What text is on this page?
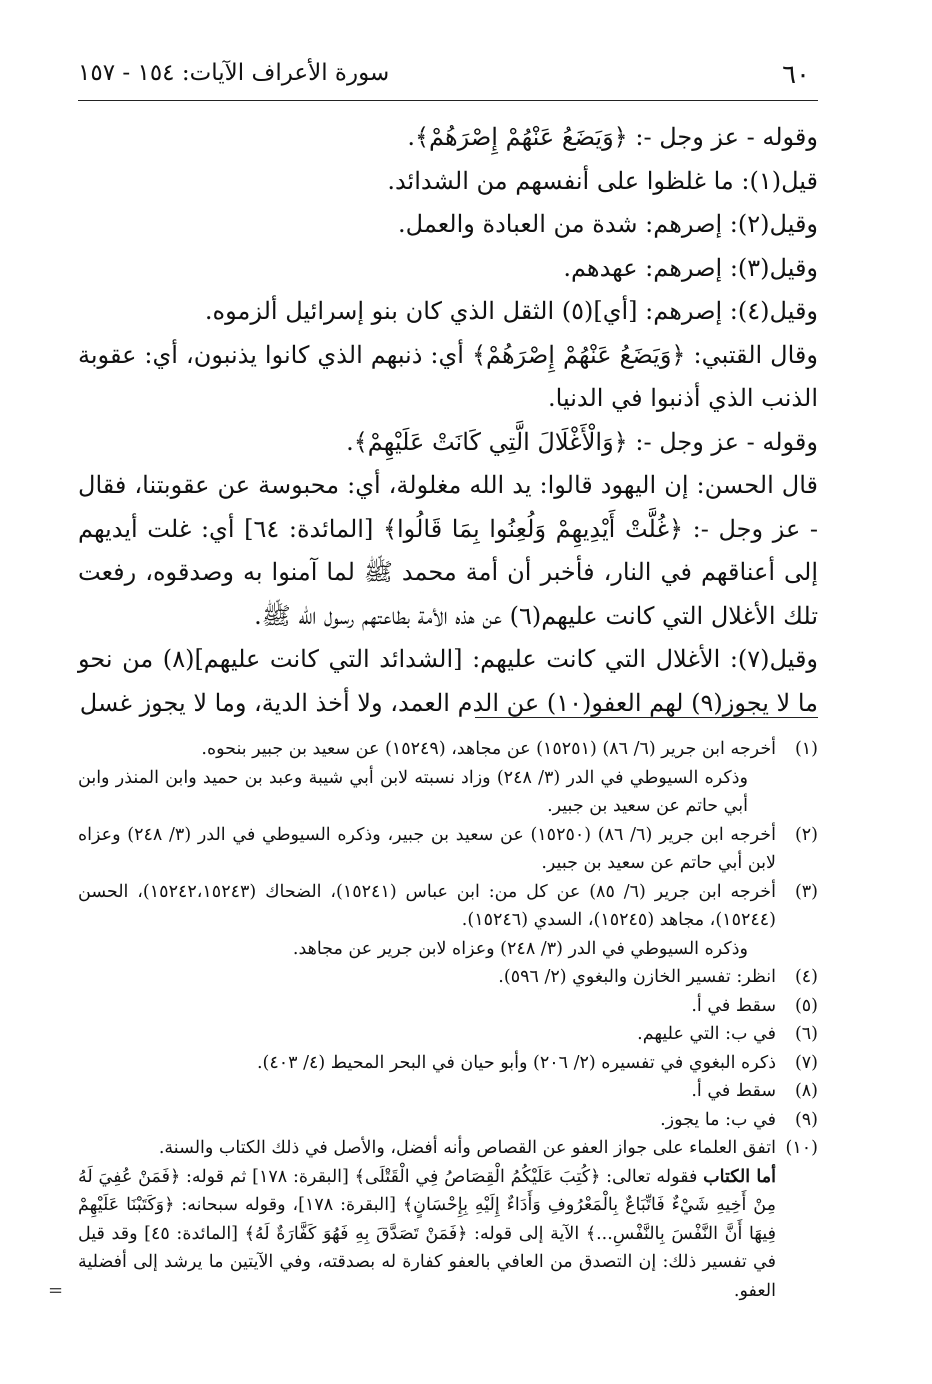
٦٠
سورة الأعراف الآيات: ١٥٤ - ١٥٧

وقوله - عز وجل -: ﴿وَيَضَعُ عَنْهُمْ إِصْرَهُمْ﴾.

قيل(١): ما غلظوا على أنفسهم من الشدائد.

وقيل(٢): إصرهم: شدة من العبادة والعمل.

وقيل(٣): إصرهم: عهدهم.

وقيل(٤): إصرهم: [أي](٥) الثقل الذي كان بنو إسرائيل ألزموه.

وقال القتبي: ﴿وَيَضَعُ عَنْهُمْ إِصْرَهُمْ﴾ أي: ذنبهم الذي كانوا يذنبون، أي: عقوبة الذنب الذي أذنبوا في الدنيا.

وقوله - عز وجل -: ﴿وَالْأَغْلَالَ الَّتِي كَانَتْ عَلَيْهِمْ﴾.

قال الحسن: إن اليهود قالوا: يد الله مغلولة، أي: محبوسة عن عقوبتنا، فقال - عز وجل -: ﴿غُلَّتْ أَيْدِيهِمْ وَلُعِنُوا بِمَا قَالُوا﴾ [المائدة: ٦٤] أي: غلت أيديهم إلى أعناقهم في النار، فأخبر أن أمة محمد ﷺ لما آمنوا به وصدقوه، رفعت تلك الأغلال التي كانت عليهم(٦) عن هذه الأمة بطاعتهم رسول الله ﷺ.

وقيل(٧): الأغلال التي كانت عليهم: [الشدائد التي كانت عليهم](٨) من نحو ما لا يجوز(٩) لهم العفو(١٠) عن الدم العمد، ولا أخذ الدية، وما لا يجوز غسل

(١)
أخرجه ابن جرير (٦/ ٨٦) (١٥٢٥١) عن مجاهد، (١٥٢٤٩) عن سعيد بن جبير بنحوه.
وذكره السيوطي في الدر (٣/ ٢٤٨) وزاد نسبته لابن أبي شيبة وعبد بن حميد وابن المنذر وابن أبي حاتم عن سعيد بن جبير.
(٢)
أخرجه ابن جرير (٦/ ٨٦) (١٥٢٥٠) عن سعيد بن جبير، وذكره السيوطي في الدر (٣/ ٢٤٨) وعزاه لابن أبي حاتم عن سعيد بن جبير.
(٣)
أخرجه ابن جرير (٦/ ٨٥) عن كل من: ابن عباس (١٥٢٤١)، الضحاك (١٥٢٤٢،١٥٢٤٣)، الحسن (١٥٢٤٤)، مجاهد (١٥٢٤٥)، السدي (١٥٢٤٦).
وذكره السيوطي في الدر (٣/ ٢٤٨) وعزاه لابن جرير عن مجاهد.
(٤)
انظر: تفسير الخازن والبغوي (٢/ ٥٩٦).
(٥)
سقط في أ.
(٦)
في ب: التي عليهم.
(٧)
ذكره البغوي في تفسيره (٢/ ٢٠٦) وأبو حيان في البحر المحيط (٤/ ٤٠٣).
(٨)
سقط في أ.
(٩)
في ب: ما يجوز.
(١٠)
اتفق العلماء على جواز العفو عن القصاص وأنه أفضل، والأصل في ذلك الكتاب والسنة.
أما الكتاب فقوله تعالى: ﴿كُتِبَ عَلَيْكُمُ الْقِصَاصُ فِي الْقَتْلَى﴾ [البقرة: ١٧٨] ثم قوله: ﴿فَمَنْ عُفِيَ لَهُ مِنْ أَخِيهِ شَيْءٌ فَاتِّبَاعٌ بِالْمَعْرُوفِ وَأَدَاءٌ إِلَيْهِ بِإِحْسَانٍ﴾ [البقرة: ١٧٨]، وقوله سبحانه: ﴿وَكَتَبْنَا عَلَيْهِمْ فِيهَا أَنَّ النَّفْسَ بِالنَّفْسِ...﴾ الآية إلى قوله: ﴿فَمَنْ تَصَدَّقَ بِهِ فَهُوَ كَفَّارَةٌ لَهُ﴾ [المائدة: ٤٥] وقد قيل في تفسير ذلك: إن التصدق من العافي بالعفو كفارة له بصدقته، وفي الآيتين ما يرشد إلى أفضلية العفو.
=
